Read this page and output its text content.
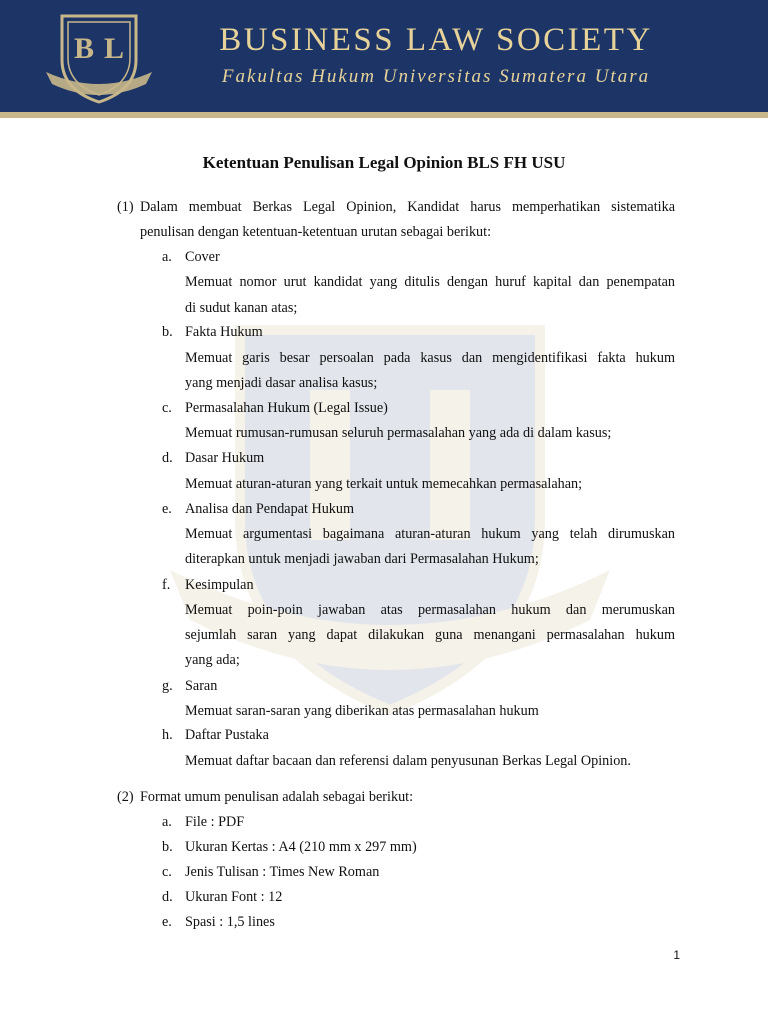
B L	BUSINESS LAW SOCIETY
Fakultas Hukum Universitas Sumatera Utara
Ketentuan Penulisan Legal Opinion BLS FH USU
(1) Dalam membuat Berkas Legal Opinion, Kandidat harus memperhatikan sistematika
penulisan dengan ketentuan-ketentuan urutan sebagai berikut:
a. Cover
Memuat nomor urut kandidat yang ditulis dengan huruf kapital dan penempatan
di sudut kanan atas;
b. Fakta Hukum
Memuat garis besar persoalan pada kasus dan mengidentifikasi fakta hukum
yang menjadi dasar analisa kasus;
c. Permasalahan Hukum (Legal Issue)
Memuat rumusan-rumusan seluruh permasalahan yang ada di dalam kasus;
d. Dasar Hukum
Memuat aturan-aturan yang terkait untuk memecahkan permasalahan;
e. Analisa dan Pendapat Hukum
Memuat argumentasi bagaimana aturan-aturan hukum yang telah dirumuskan
diterapkan untuk menjadi jawaban dari Permasalahan Hukum;
f. Kesimpulan
Memuat poin-poin jawaban atas permasalahan hukum dan merumuskan
sejumlah saran yang dapat dilakukan guna menangani permasalahan hukum
yang ada;
g. Saran
Memuat saran-saran yang diberikan atas permasalahan hukum
h. Daftar Pustaka
Memuat daftar bacaan dan referensi dalam penyusunan Berkas Legal Opinion.
(2) Format umum penulisan adalah sebagai berikut:
a. File : PDF
b. Ukuran Kertas : A4 (210 mm x 297 mm)
c. Jenis Tulisan : Times New Roman
d. Ukuran Font : 12
e. Spasi : 1,5 lines
1
